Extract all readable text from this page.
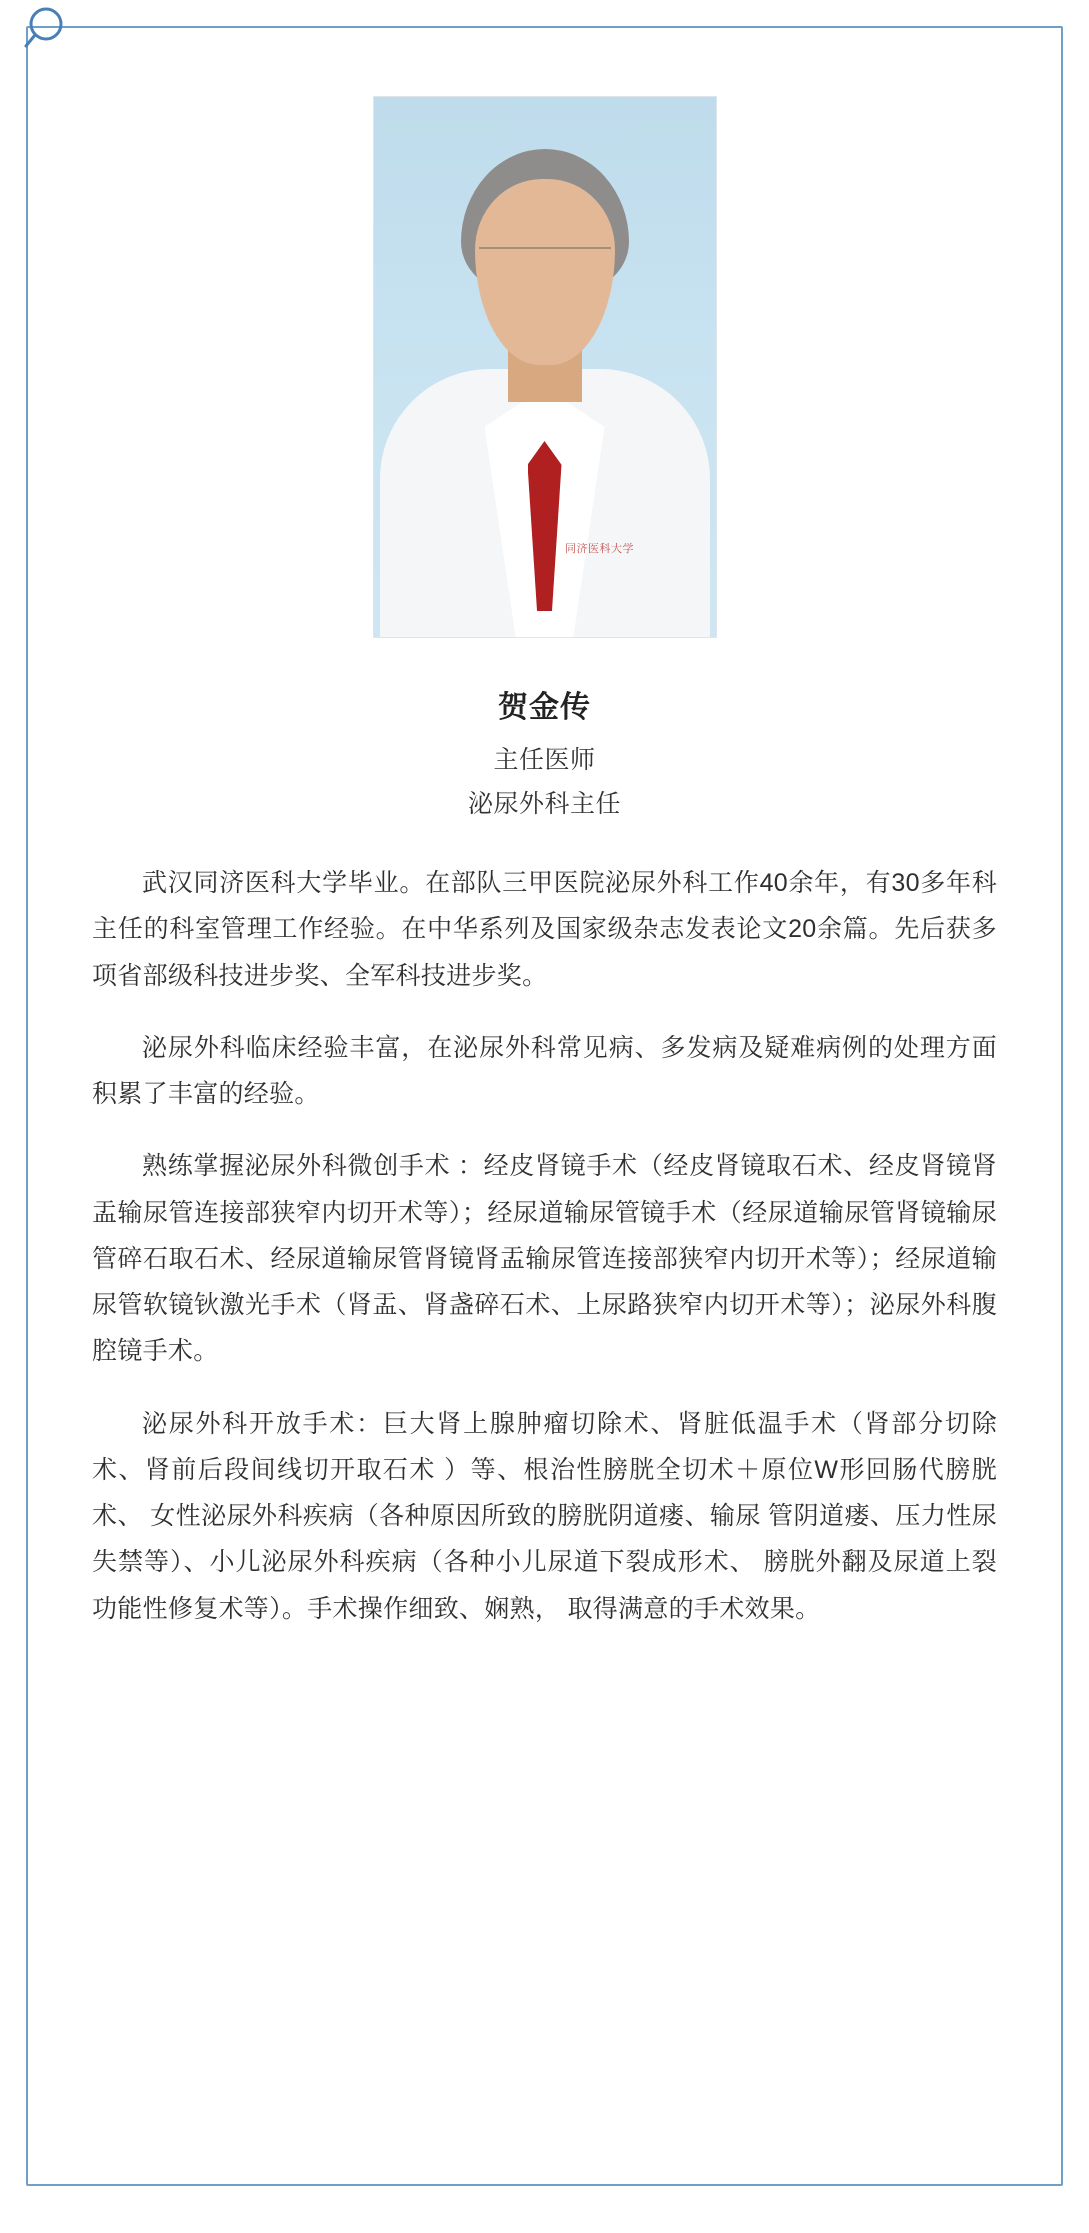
同济医科大学
贺金传
主任医师
泌尿外科主任

武汉同济医科大学毕业。在部队三甲医院泌尿外科工作40余年，有30多年科主任的科室管理工作经验。在中华系列及国家级杂志发表论文20余篇。先后获多项省部级科技进步奖、全军科技进步奖。

泌尿外科临床经验丰富，在泌尿外科常见病、多发病及疑难病例的处理方面积累了丰富的经验。

熟练掌握泌尿外科微创手术 ：经皮肾镜手术（经皮肾镜取石术、经皮肾镜肾盂输尿管连接部狭窄内切开术等）；经尿道输尿管镜手术（经尿道输尿管肾镜输尿管碎石取石术、经尿道输尿管肾镜肾盂输尿管连接部狭窄内切开术等）；经尿道输尿管软镜钬激光手术（肾盂、肾盏碎石术、上尿路狭窄内切开术等）；泌尿外科腹腔镜手术。

泌尿外科开放手术：巨大肾上腺肿瘤切除术、肾脏低温手术（肾部分切除术、肾前后段间线切开取石术 ）等、根治性膀胱全切术＋原位W形回肠代膀胱术、 女性泌尿外科疾病（各种原因所致的膀胱阴道瘘、输尿 管阴道瘘、压力性尿失禁等）、小儿泌尿外科疾病（各种小儿尿道下裂成形术、 膀胱外翻及尿道上裂功能性修复术等）。手术操作细致、娴熟， 取得满意的手术效果。
